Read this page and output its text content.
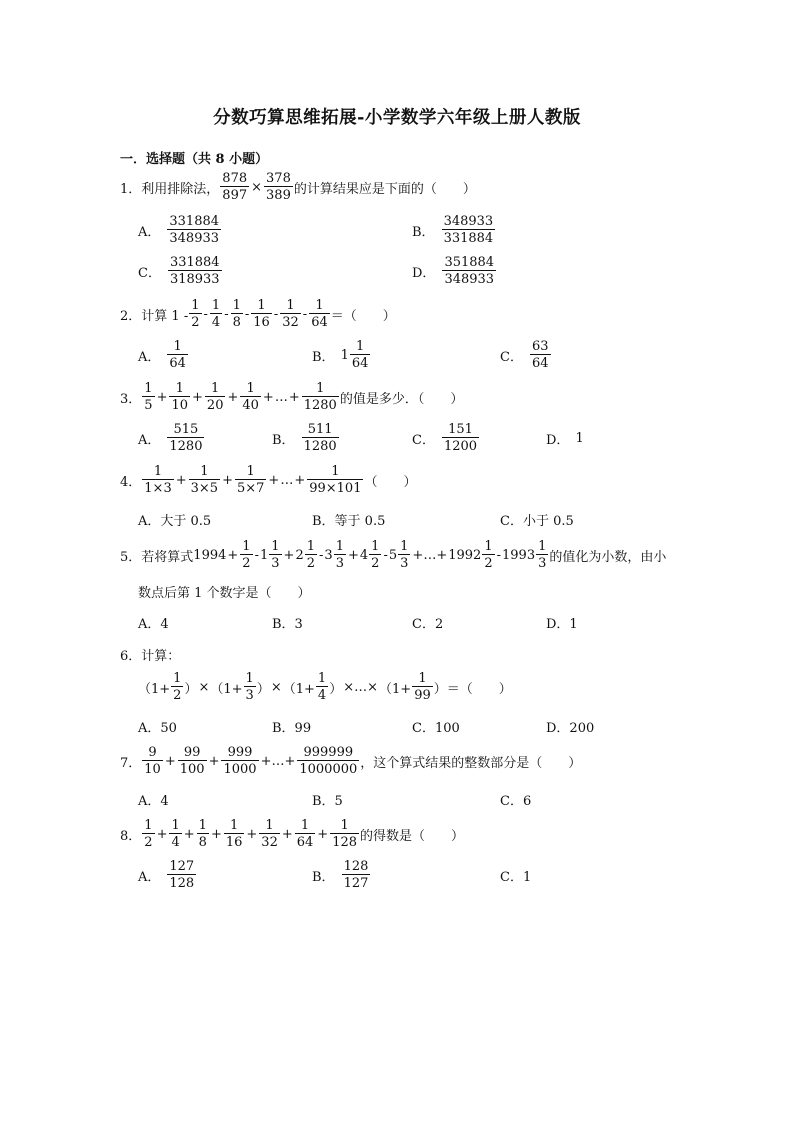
分数巧算思维拓展-小学数学六年级上册人教版
一．选择题（共 8 小题）
1． 利用排除法， $\frac{878}{897} \times \frac{378}{389}$ 的计算结果应是下面的（　　）
A． $\frac{331884}{348933}$	B． $\frac{348933}{331884}$
C． $\frac{331884}{318933}$	D． $\frac{351884}{348933}$
2． 计算 $1 - \frac{1}{2} - \frac{1}{4} - \frac{1}{8} - \frac{1}{16} - \frac{1}{32} - \frac{1}{64}$ ＝（　　）
A． $\frac{1}{64}$	B． $1 \frac{1}{64}$	C． $\frac{63}{64}$
3． $\frac{1}{5} + \frac{1}{10} + \frac{1}{20} + \frac{1}{40}$ + … + $\frac{1}{1280}$ 的值是多少．（　　）
A． $\frac{515}{1280}$	B． $\frac{511}{1280}$	C． $\frac{151}{1200}$	D． 1
4． $\frac{1}{1\times 3} + \frac{1}{3\times 5} + \frac{1}{5\times 7}$ + … + $\frac{1}{99\times 101}$ （　　）
A．大于 0.5	B．等于 0.5	C．小于 0.5
5． 若将算式 $1994 + \frac{1}{2} - 1 \frac{1}{3} + 2 \frac{1}{2} - 3 \frac{1}{3} + 4 \frac{1}{2} - 5 \frac{1}{3}$ +…+ $1992 \frac{1}{2} - 1993 \frac{1}{3}$ 的值化为小数，由小
数点后第 1 个数字是（　　）
A．4	B．3	C．2	D．1
6．计算：
（$1+ \frac{1}{2}$ ） × （$1+ \frac{1}{3}$ ） × （$1+ \frac{1}{4}$ ） ×…× （$1+ \frac{1}{99}$ ） ＝（　　）
A．50	B．99	C．100	D．200
7． $\frac{9}{10} + \frac{99}{100} + \frac{999}{1000}$ +…+ $\frac{999999}{1000000}$ ，这个算式结果的整数部分是（　　）
A．4	B．5	C．6
8． $\frac{1}{2} + \frac{1}{4} + \frac{1}{8} + \frac{1}{16} + \frac{1}{32} + \frac{1}{64} + \frac{1}{128}$ 的得数是（　　）
A． $\frac{127}{128}$	B． $\frac{128}{127}$	C．1
